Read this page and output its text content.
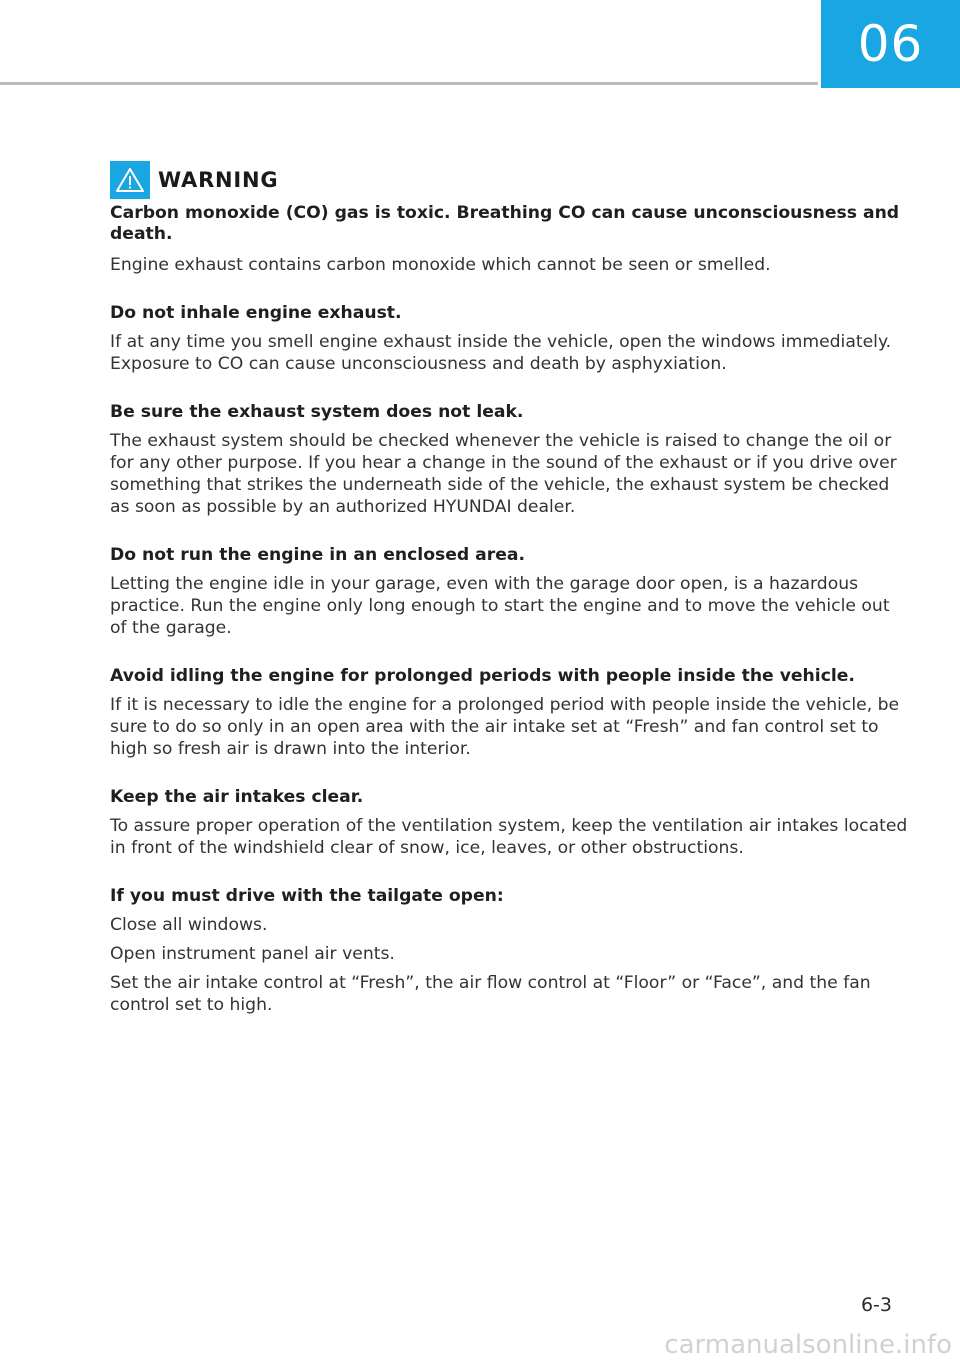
06
WARNING
Carbon monoxide (CO) gas is toxic. Breathing CO can cause unconsciousness and death.

Engine exhaust contains carbon monoxide which cannot be seen or smelled.

Do not inhale engine exhaust.

If at any time you smell engine exhaust inside the vehicle, open the windows immediately. Exposure to CO can cause unconsciousness and death by asphyxiation.

Be sure the exhaust system does not leak.

The exhaust system should be checked whenever the vehicle is raised to change the oil or for any other purpose. If you hear a change in the sound of the exhaust or if you drive over something that strikes the underneath side of the vehicle, the exhaust system be checked as soon as possible by an authorized HYUNDAI dealer.

Do not run the engine in an enclosed area.

Letting the engine idle in your garage, even with the garage door open, is a hazardous practice. Run the engine only long enough to start the engine and to move the vehicle out of the garage.

Avoid idling the engine for prolonged periods with people inside the vehicle.

If it is necessary to idle the engine for a prolonged period with people inside the vehicle, be sure to do so only in an open area with the air intake set at “Fresh” and fan control set to high so fresh air is drawn into the interior.

Keep the air intakes clear.

To assure proper operation of the ventilation system, keep the ventilation air intakes located in front of the windshield clear of snow, ice, leaves, or other obstructions.

If you must drive with the tailgate open:

Close all windows.

Open instrument panel air vents.

Set the air intake control at “Fresh”, the air flow control at “Floor” or “Face”, and the fan control set to high.

6-3
carmanualsonline.info
